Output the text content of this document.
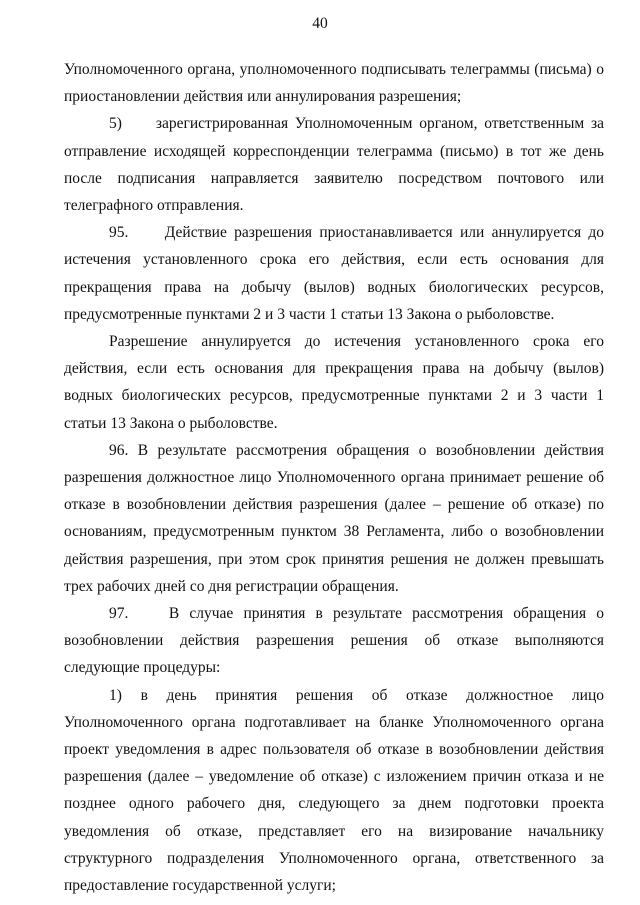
40

Уполномоченного органа, уполномоченного подписывать телеграммы (письма) о приостановлении действия или аннулирования разрешения;

5)     зарегистрированная Уполномоченным органом, ответственным за отправление исходящей корреспонденции телеграмма (письмо) в тот же день после подписания направляется заявителю посредством почтового или телеграфного отправления.

95.     Действие разрешения приостанавливается или аннулируется до истечения установленного срока его действия, если есть основания для прекращения права на добычу (вылов) водных биологических ресурсов, предусмотренные пунктами 2 и 3 части 1 статьи 13 Закона о рыболовстве.

Разрешение аннулируется до истечения установленного срока его действия, если есть основания для прекращения права на добычу (вылов) водных биологических ресурсов, предусмотренные пунктами 2 и 3 части 1 статьи 13 Закона о рыболовстве.

96. В результате рассмотрения обращения о возобновлении действия разрешения должностное лицо Уполномоченного органа принимает решение об отказе в возобновлении действия разрешения (далее – решение об отказе) по основаниям, предусмотренным пунктом 38 Регламента, либо о возобновлении действия разрешения, при этом срок принятия решения не должен превышать трех рабочих дней со дня регистрации обращения.

97.    В случае принятия в результате рассмотрения обращения о возобновлении действия разрешения решения об отказе выполняются следующие процедуры:

1) в день принятия решения об отказе должностное лицо Уполномоченного органа подготавливает на бланке Уполномоченного органа проект уведомления в адрес пользователя об отказе в возобновлении действия разрешения (далее – уведомление об отказе) с изложением причин отказа и не позднее одного рабочего дня, следующего за днем подготовки проекта уведомления об отказе, представляет его на визирование начальнику структурного подразделения Уполномоченного органа, ответственного за предоставление государственной услуги;
